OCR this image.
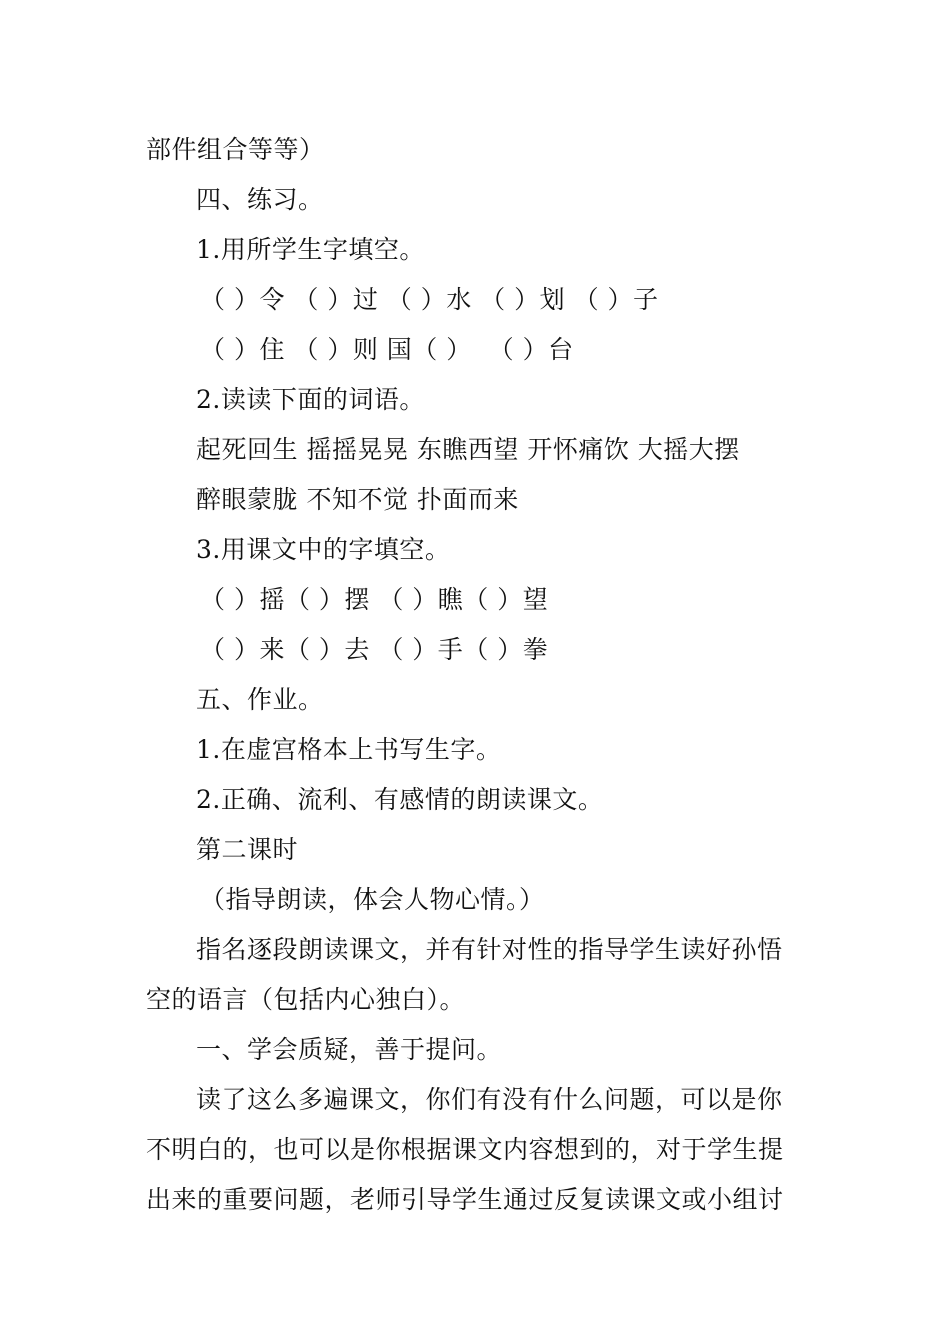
部件组合等等）
四、练习。
1.用所学生字填空。
（ ）令 （ ）过 （ ）水 （ ）划 （ ）子
（ ）住 （ ）则 国（ ）  （ ）台
2.读读下面的词语。
起死回生 摇摇晃晃 东瞧西望 开怀痛饮 大摇大摆
醉眼蒙胧 不知不觉 扑面而来
3.用课文中的字填空。
（ ）摇（ ）摆 （ ）瞧（ ）望
（ ）来（ ）去 （ ）手（ ）拳
五、作业。
1.在虚宫格本上书写生字。
2.正确、流利、有感情的朗读课文。
第二课时
（指导朗读，体会人物心情。）
指名逐段朗读课文，并有针对性的指导学生读好孙悟
空的语言（包括内心独白）。
一、学会质疑，善于提问。
读了这么多遍课文，你们有没有什么问题，可以是你
不明白的，也可以是你根据课文内容想到的，对于学生提
出来的重要问题，老师引导学生通过反复读课文或小组讨
